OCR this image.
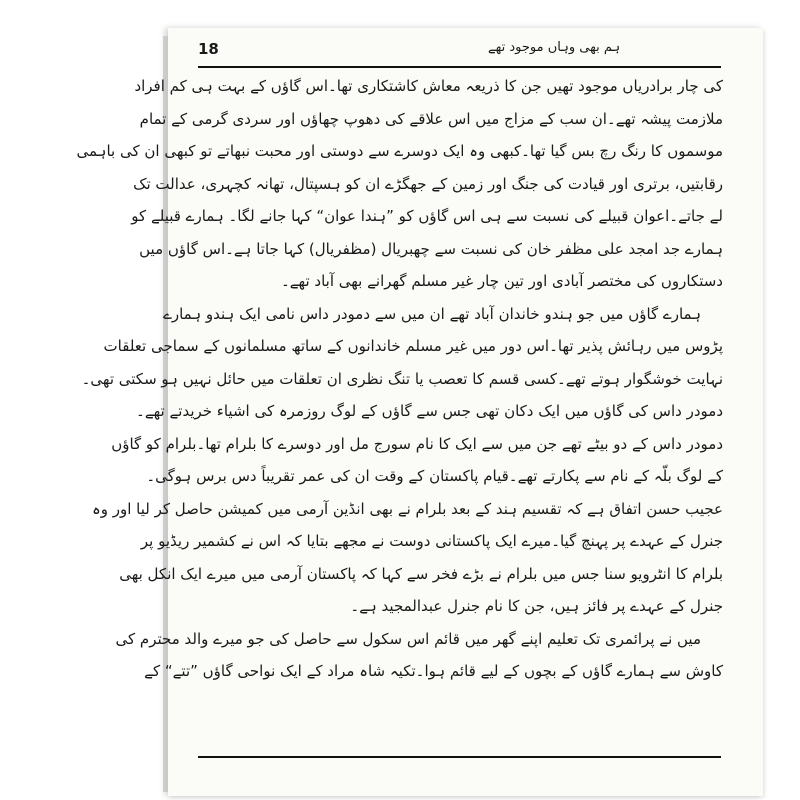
18	ہم بھی وہاں موجود تھے
کی چار برادریاں موجود تھیں جن کا ذریعہ معاش کاشتکاری تھا۔اس گاؤں کے بہت ہی کم افراد
ملازمت پیشہ تھے۔ان سب کے مزاج میں اس علاقے کی دھوپ چھاؤں اور سردی گرمی کے تمام
موسموں کا رنگ رچ بس گیا تھا۔کبھی وہ ایک دوسرے سے دوستی اور محبت نبھاتے تو کبھی ان کی باہمی
رقابتیں، برتری اور قیادت کی جنگ اور زمین کے جھگڑے ان کو ہسپتال، تھانہ کچہری، عدالت تک
لے جاتے۔اعوان قبیلے کی نسبت سے ہی اس گاؤں کو ”ہندا عوان“ کہا جانے لگا۔ ہمارے قبیلے کو
ہمارے جد امجد علی مظفر خان کی نسبت سے چھبریال (مظفریال) کہا جاتا ہے۔اس گاؤں میں
دستکاروں کی مختصر آبادی اور تین چار غیر مسلم گھرانے بھی آباد تھے۔
ہمارے گاؤں میں جو ہندو خاندان آباد تھے ان میں سے دمودر داس نامی ایک ہندو ہمارے
پڑوس میں رہائش پذیر تھا۔اس دور میں غیر مسلم خاندانوں کے ساتھ مسلمانوں کے سماجی تعلقات
نہایت خوشگوار ہوتے تھے۔کسی قسم کا تعصب یا تنگ نظری ان تعلقات میں حائل نہیں ہو سکتی تھی۔
دمودر داس کی گاؤں میں ایک دکان تھی جس سے گاؤں کے لوگ روزمرہ کی اشیاء خریدتے تھے۔
دمودر داس کے دو بیٹے تھے جن میں سے ایک کا نام سورج مل اور دوسرے کا بلرام تھا۔بلرام کو گاؤں
کے لوگ بلّہ کے نام سے پکارتے تھے۔قیام پاکستان کے وقت ان کی عمر تقریباً دس برس ہوگی۔
عجیب حسن اتفاق ہے کہ تقسیم ہند کے بعد بلرام نے بھی انڈین آرمی میں کمیشن حاصل کر لیا اور وہ
جنرل کے عہدے پر پہنچ گیا۔میرے ایک پاکستانی دوست نے مجھے بتایا کہ اس نے کشمیر ریڈیو پر
بلرام کا انٹرویو سنا جس میں بلرام نے بڑے فخر سے کہا کہ پاکستان آرمی میں میرے ایک انکل بھی
جنرل کے عہدے پر فائز ہیں، جن کا نام جنرل عبدالمجید ہے۔
میں نے پرائمری تک تعلیم اپنے گھر میں قائم اس سکول سے حاصل کی جو میرے والد محترم کی
کاوش سے ہمارے گاؤں کے بچوں کے لیے قائم ہوا۔تکیہ شاہ مراد کے ایک نواحی گاؤں ”تتے“ کے
